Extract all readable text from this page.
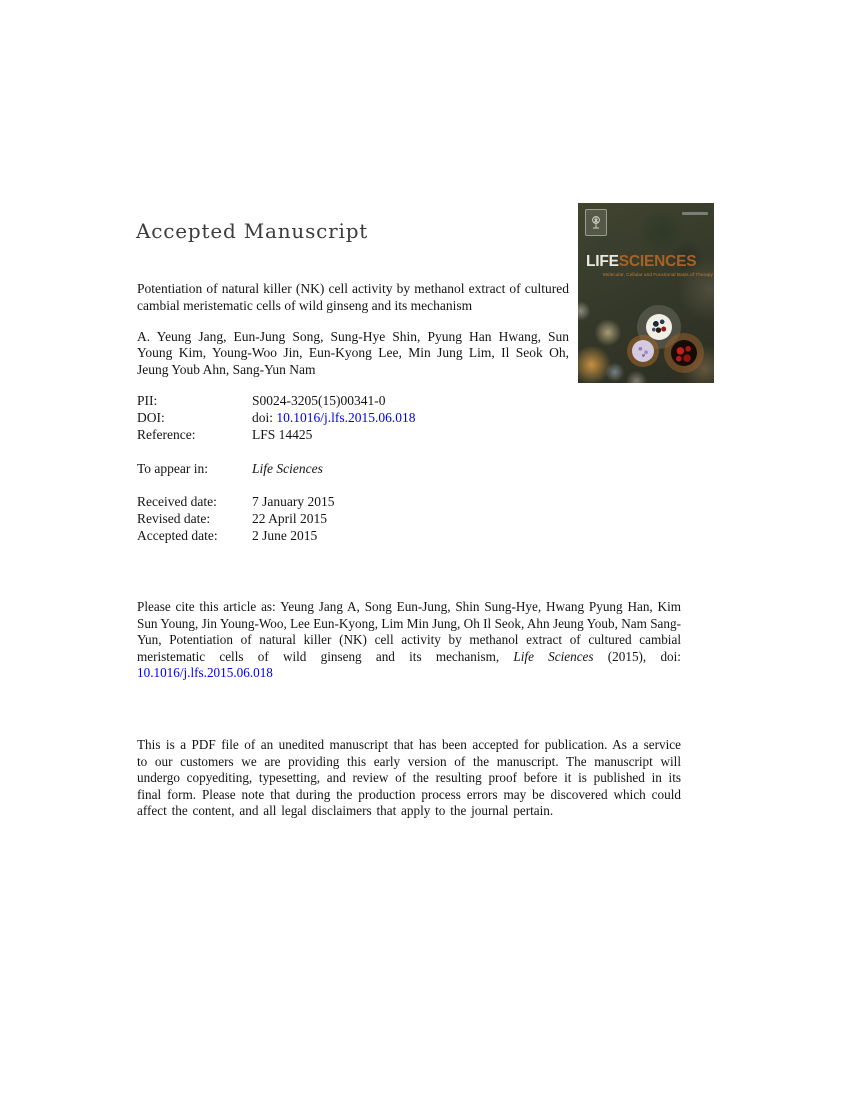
Accepted Manuscript
LIFESCIENCES
Molecular, Cellular and Functional Basis of Therapy
Potentiation of natural killer (NK) cell activity by methanol extract of cultured cambial meristematic cells of wild ginseng and its mechanism
A. Yeung Jang, Eun-Jung Song, Sung-Hye Shin, Pyung Han Hwang, Sun Young Kim, Young-Woo Jin, Eun-Kyong Lee, Min Jung Lim, Il Seok Oh, Jeung Youb Ahn, Sang-Yun Nam
PII:	S0024-3205(15)00341-0
DOI:	doi: 10.1016/j.lfs.2015.06.018
Reference:	LFS 14425
To appear in:	Life Sciences
Received date:	7 January 2015
Revised date:	22 April 2015
Accepted date:	2 June 2015

Please cite this article as: Yeung Jang A, Song Eun-Jung, Shin Sung-Hye, Hwang Pyung Han, Kim Sun Young, Jin Young-Woo, Lee Eun-Kyong, Lim Min Jung, Oh Il Seok, Ahn Jeung Youb, Nam Sang-Yun, Potentiation of natural killer (NK) cell activity by methanol extract of cultured cambial meristematic cells of wild ginseng and its mechanism, Life Sciences (2015), doi: 10.1016/j.lfs.2015.06.018

This is a PDF file of an unedited manuscript that has been accepted for publication. As a service to our customers we are providing this early version of the manuscript. The manuscript will undergo copyediting, typesetting, and review of the resulting proof before it is published in its final form. Please note that during the production process errors may be discovered which could affect the content, and all legal disclaimers that apply to the journal pertain.
